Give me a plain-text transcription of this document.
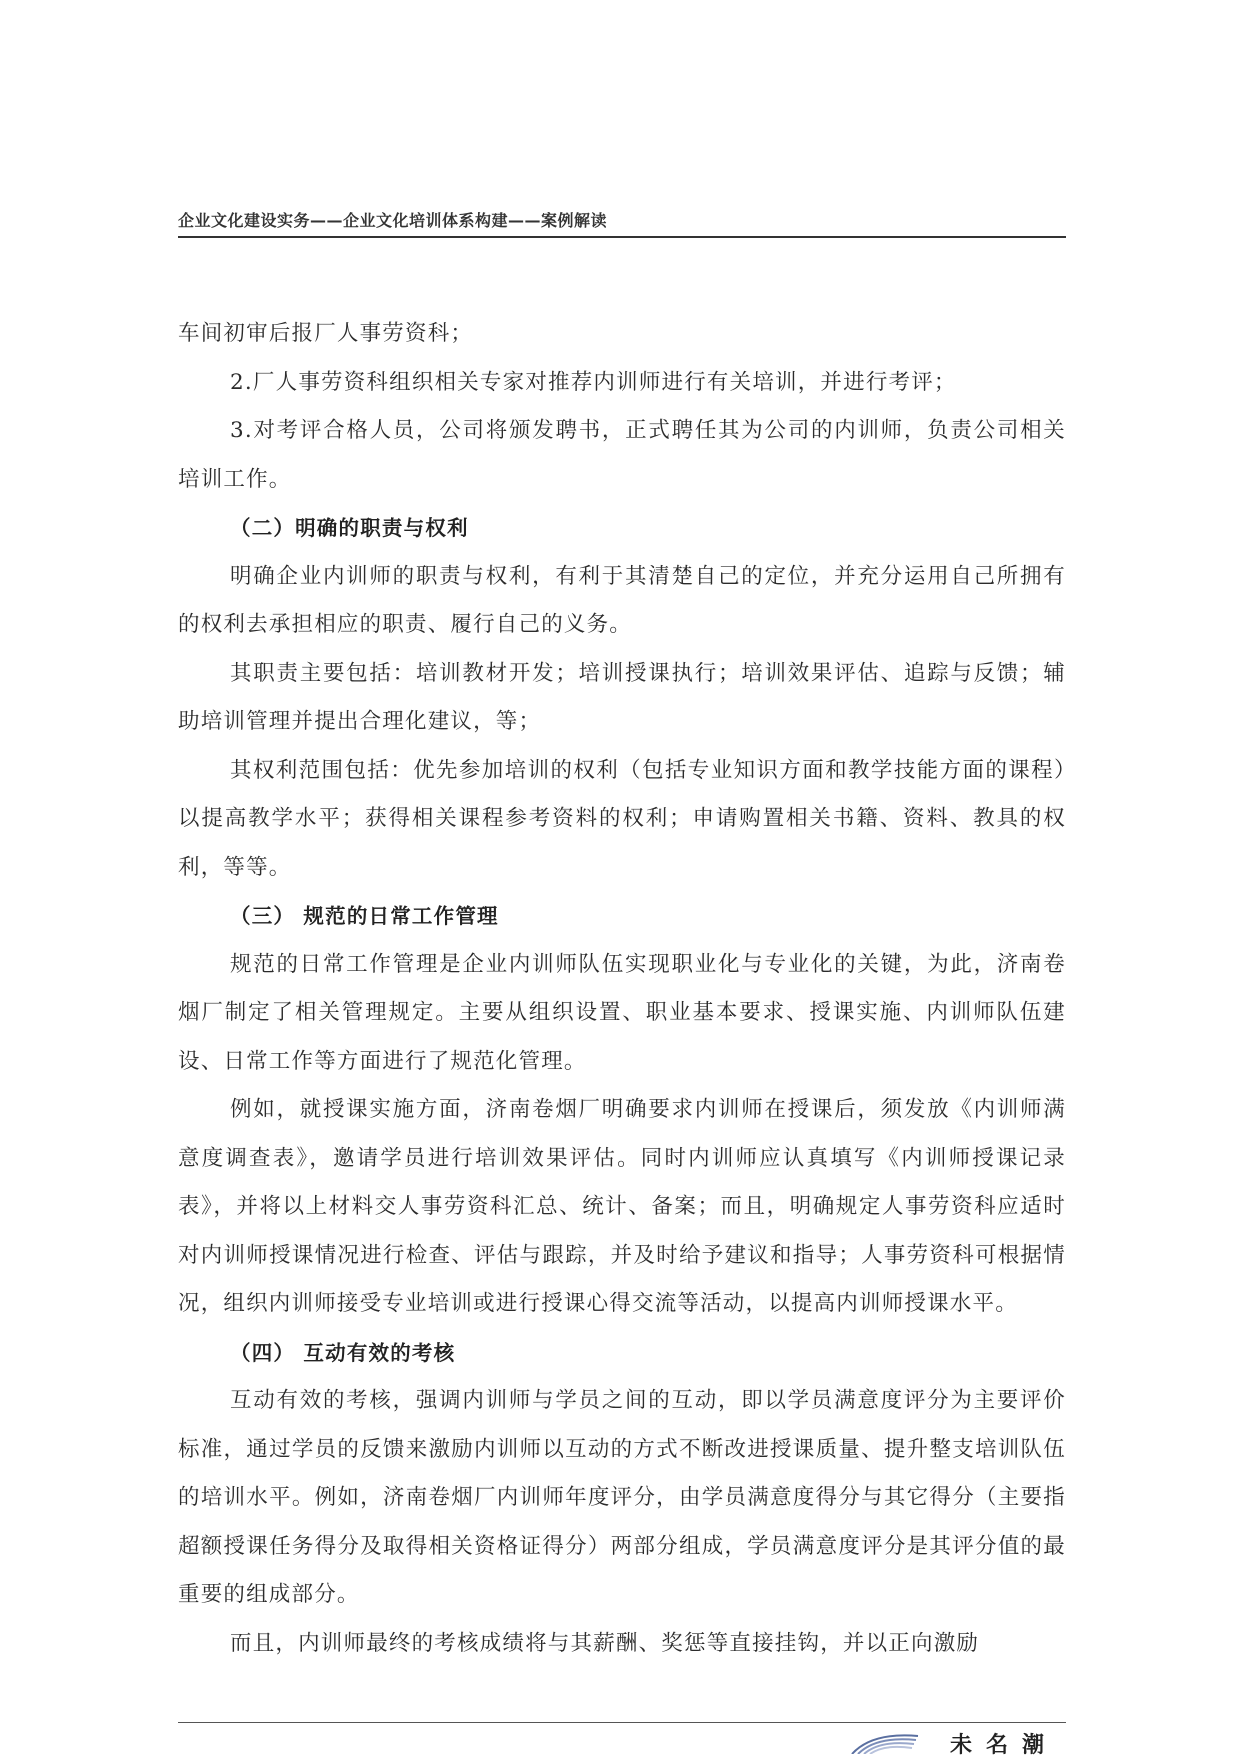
企业文化建设实务——企业文化培训体系构建——案例解读

车间初审后报厂人事劳资科；

2.厂人事劳资科组织相关专家对推荐内训师进行有关培训，并进行考评；

3.对考评合格人员，公司将颁发聘书，正式聘任其为公司的内训师，负责公司相关培训工作。

（二）明确的职责与权利

明确企业内训师的职责与权利，有利于其清楚自己的定位，并充分运用自己所拥有的权利去承担相应的职责、履行自己的义务。

其职责主要包括：培训教材开发；培训授课执行；培训效果评估、追踪与反馈；辅助培训管理并提出合理化建议，等；

其权利范围包括：优先参加培训的权利（包括专业知识方面和教学技能方面的课程）以提高教学水平；获得相关课程参考资料的权利；申请购置相关书籍、资料、教具的权利，等等。

（三） 规范的日常工作管理

规范的日常工作管理是企业内训师队伍实现职业化与专业化的关键，为此，济南卷烟厂制定了相关管理规定。主要从组织设置、职业基本要求、授课实施、内训师队伍建设、日常工作等方面进行了规范化管理。

例如，就授课实施方面，济南卷烟厂明确要求内训师在授课后，须发放《内训师满意度调查表》，邀请学员进行培训效果评估。同时内训师应认真填写《内训师授课记录表》，并将以上材料交人事劳资科汇总、统计、备案；而且，明确规定人事劳资科应适时对内训师授课情况进行检查、评估与跟踪，并及时给予建议和指导；人事劳资科可根据情况，组织内训师接受专业培训或进行授课心得交流等活动，以提高内训师授课水平。

（四） 互动有效的考核

互动有效的考核，强调内训师与学员之间的互动，即以学员满意度评分为主要评价标准，通过学员的反馈来激励内训师以互动的方式不断改进授课质量、提升整支培训队伍的培训水平。例如，济南卷烟厂内训师年度评分，由学员满意度得分与其它得分（主要指超额授课任务得分及取得相关资格证得分）两部分组成，学员满意度评分是其评分值的最重要的组成部分。

而且，内训师最终的考核成绩将与其薪酬、奖惩等直接挂钩，并以正向激励

未名潮
